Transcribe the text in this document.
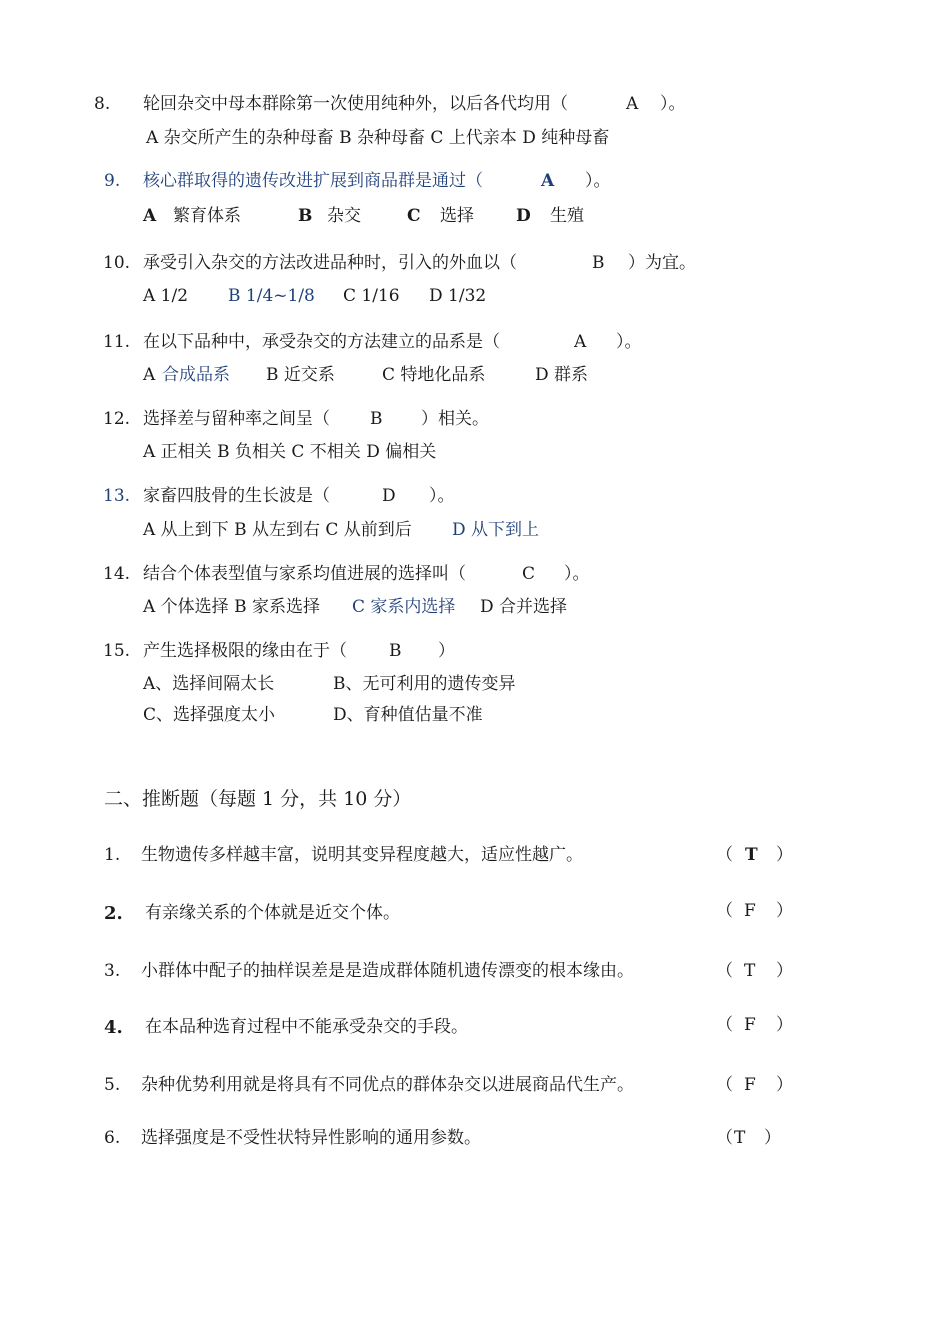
8. 轮回杂交中母本群除第一次使用纯种外，以后各代均用（	A ）。
A 杂交所产生的杂种母畜 B 杂种母畜 C 上代亲本 D 纯种母畜
9. 核心群取得的遗传改进扩展到商品群是通过（	A ）。
A 繁育体系	B 杂交	C 选择 D 生殖
10. 承受引入杂交的方法改进品种时，引入的外血以（	B ）为宜。
A 1/2 B 1/4~1/8 C 1/16 D 1/32
11. 在以下品种中，承受杂交的方法建立的品系是（	A ）。
A 合成品系 B 近交系	C 特地化品系	D 群系
12. 选择差与留种率之间呈（ B ）相关。
A 正相关 B 负相关 C 不相关 D 偏相关
13. 家畜四肢骨的生长波是（	D ）。
A 从上到下 B 从左到右 C 从前到后 D 从下到上
14. 结合个体表型值与家系均值进展的选择叫（	C ）。
A 个体选择 B 家系选择 C 家系内选择 D 合并选择
15. 产生选择极限的缘由在于（ B ）
A、选择间隔太长	B、无可利用的遗传变异
C、选择强度太小	D、育种值估量不准
二、推断题（每题 1 分，共 10 分）
1. 生物遗传多样越丰富，说明其变异程度越大，适应性越广。	（ T ）
2. 有亲缘关系的个体就是近交个体。	（ F ）
3. 小群体中配子的抽样误差是是造成群体随机遗传漂变的根本缘由。	（ T ）
4. 在本品种选育过程中不能承受杂交的手段。	（ F ）
5. 杂种优势利用就是将具有不同优点的群体杂交以进展商品代生产。	（ F ）
6. 选择强度是不受性状特异性影响的通用参数。	（ T ）
